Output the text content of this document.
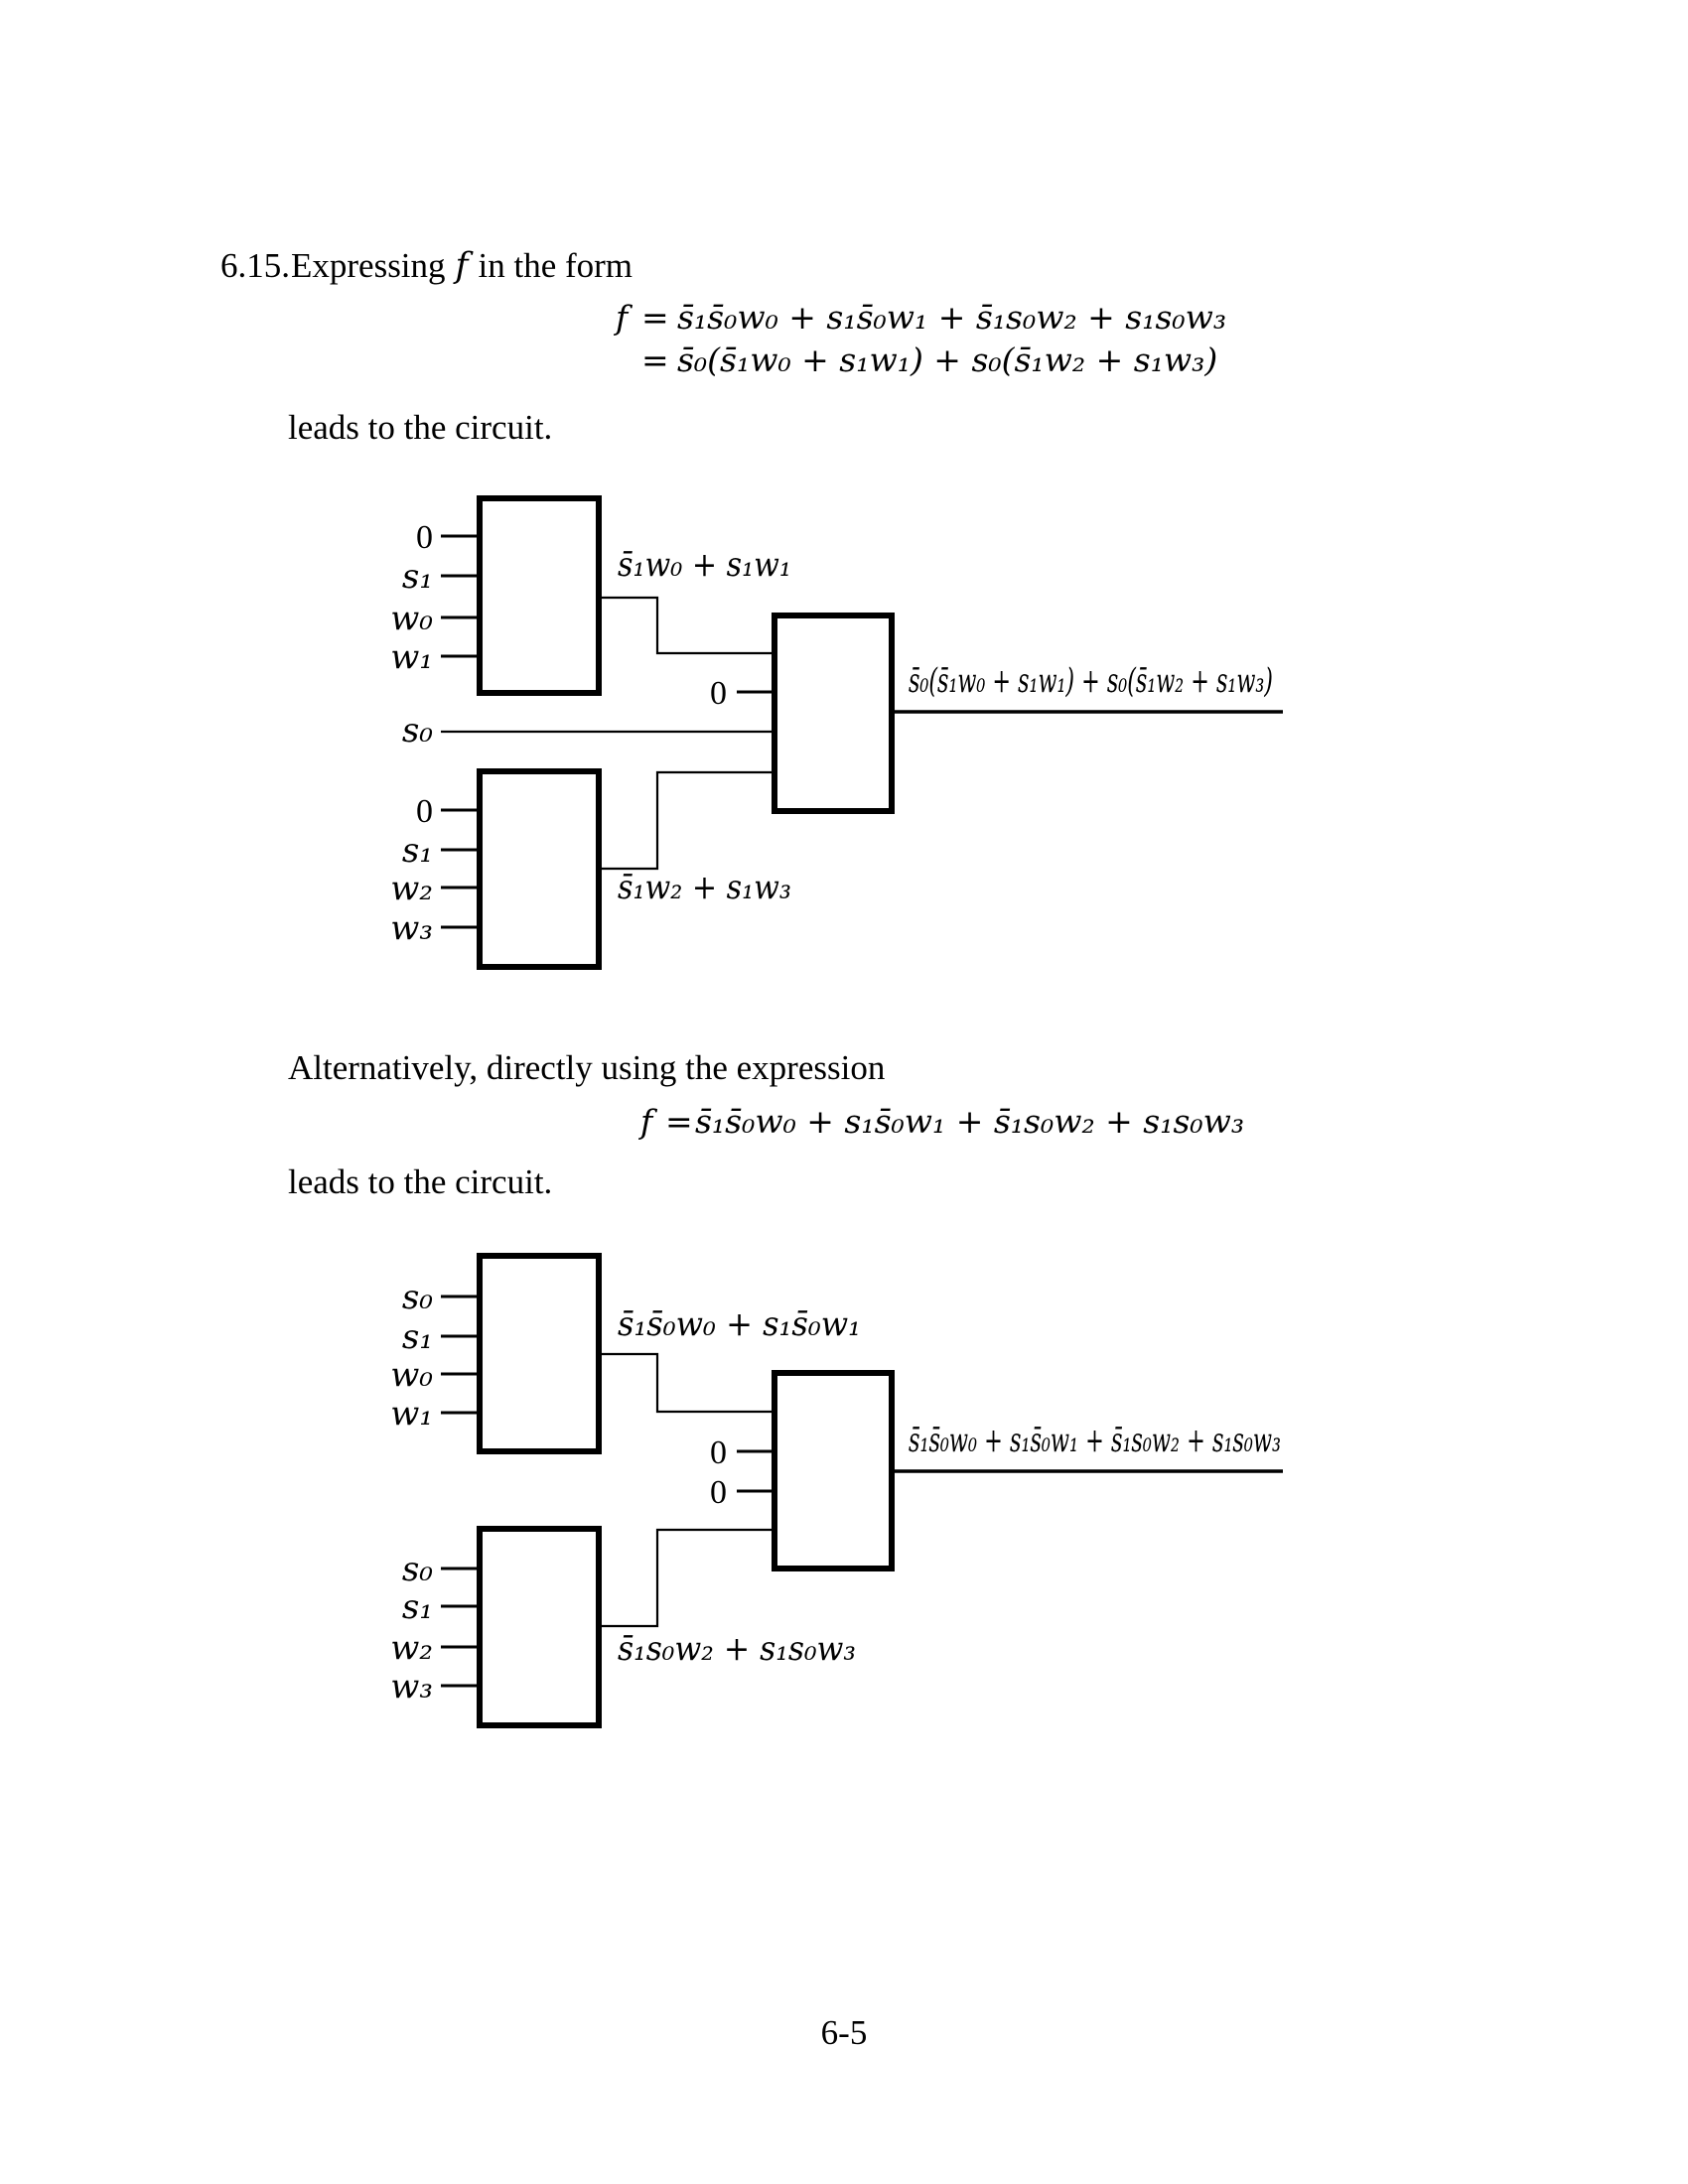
6.15. Expressing f in the form
f = s̄₁s̄₀w₀ + s₁s̄₀w₁ + s̄₁s₀w₂ + s₁s₀w₃
= s̄₀(s̄₁w₀ + s₁w₁) + s₀(s̄₁w₂ + s₁w₃)
leads to the circuit.
Alternatively, directly using the expression
f = s̄₁s̄₀w₀ + s₁s̄₀w₁ + s̄₁s₀w₂ + s₁s₀w₃
leads to the circuit.
0
s₁
w₀
w₁
0
s₁
w₂
w₃
s₀
0
s̄₁w₀ + s₁w₁
s̄₁w₂ + s₁w₃
s̄₀(s̄₁w₀ + s₁w₁) + s₀(s̄₁w₂ + s₁w₃)
s₀
s₁
w₀
w₁
s₀
s₁
w₂
w₃
0
0
s̄₁s̄₀w₀ + s₁s̄₀w₁
s̄₁s₀w₂ + s₁s₀w₃
s̄₁s̄₀w₀ + s₁s̄₀w₁ + s̄₁s₀w₂ + s₁s₀w₃
6-5
